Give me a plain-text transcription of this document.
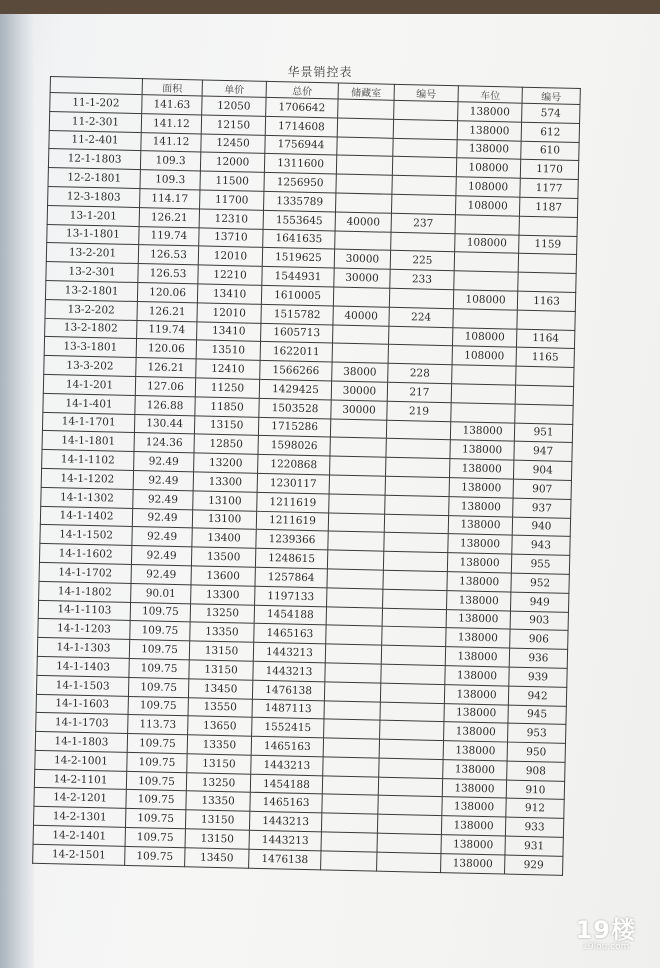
华景销控表
	面积	单价	总价	储藏室	编号	车位	编号
11-1-202	141.63	12050	1706642			138000	574
11-2-301	141.12	12150	1714608			138000	612
11-2-401	141.12	12450	1756944			138000	610
12-1-1803	109.3	12000	1311600			108000	1170
12-2-1801	109.3	11500	1256950			108000	1177
12-3-1803	114.17	11700	1335789			108000	1187
13-1-201	126.21	12310	1553645	40000	237		
13-1-1801	119.74	13710	1641635			108000	1159
13-2-201	126.53	12010	1519625	30000	225		
13-2-301	126.53	12210	1544931	30000	233		
13-2-1801	120.06	13410	1610005			108000	1163
13-2-202	126.21	12010	1515782	40000	224		
13-2-1802	119.74	13410	1605713			108000	1164
13-3-1801	120.06	13510	1622011			108000	1165
13-3-202	126.21	12410	1566266	38000	228		
14-1-201	127.06	11250	1429425	30000	217		
14-1-401	126.88	11850	1503528	30000	219		
14-1-1701	130.44	13150	1715286			138000	951
14-1-1801	124.36	12850	1598026			138000	947
14-1-1102	92.49	13200	1220868			138000	904
14-1-1202	92.49	13300	1230117			138000	907
14-1-1302	92.49	13100	1211619			138000	937
14-1-1402	92.49	13100	1211619			138000	940
14-1-1502	92.49	13400	1239366			138000	943
14-1-1602	92.49	13500	1248615			138000	955
14-1-1702	92.49	13600	1257864			138000	952
14-1-1802	90.01	13300	1197133			138000	949
14-1-1103	109.75	13250	1454188			138000	903
14-1-1203	109.75	13350	1465163			138000	906
14-1-1303	109.75	13150	1443213			138000	936
14-1-1403	109.75	13150	1443213			138000	939
14-1-1503	109.75	13450	1476138			138000	942
14-1-1603	109.75	13550	1487113			138000	945
14-1-1703	113.73	13650	1552415			138000	953
14-1-1803	109.75	13350	1465163			138000	950
14-2-1001	109.75	13150	1443213			138000	908
14-2-1101	109.75	13250	1454188			138000	910
14-2-1201	109.75	13350	1465163			138000	912
14-2-1301	109.75	13150	1443213			138000	933
14-2-1401	109.75	13150	1443213			138000	931
14-2-1501	109.75	13450	1476138			138000	929
19楼
19lou.com
